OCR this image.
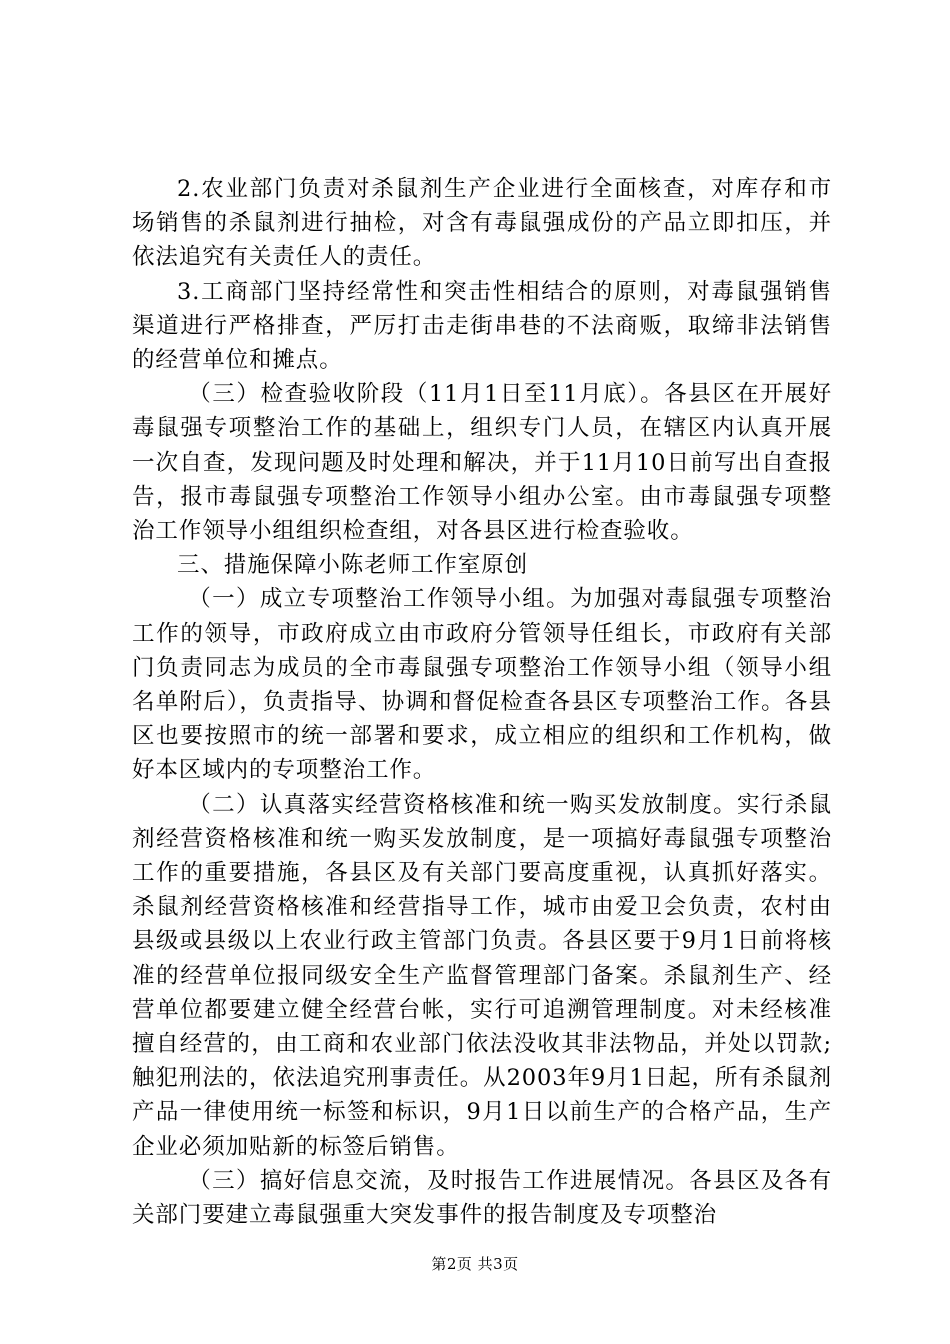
2.农业部门负责对杀鼠剂生产企业进行全面核查，对库存和市场销售的杀鼠剂进行抽检，对含有毒鼠强成份的产品立即扣压，并依法追究有关责任人的责任。

3.工商部门坚持经常性和突击性相结合的原则，对毒鼠强销售渠道进行严格排查，严厉打击走街串巷的不法商贩，取缔非法销售的经营单位和摊点。

（三）检查验收阶段（11月1日至11月底）。各县区在开展好毒鼠强专项整治工作的基础上，组织专门人员，在辖区内认真开展一次自查，发现问题及时处理和解决，并于11月10日前写出自查报告，报市毒鼠强专项整治工作领导小组办公室。由市毒鼠强专项整治工作领导小组组织检查组，对各县区进行检查验收。

三、措施保障小陈老师工作室原创

（一）成立专项整治工作领导小组。为加强对毒鼠强专项整治工作的领导，市政府成立由市政府分管领导任组长，市政府有关部门负责同志为成员的全市毒鼠强专项整治工作领导小组（领导小组名单附后），负责指导、协调和督促检查各县区专项整治工作。各县区也要按照市的统一部署和要求，成立相应的组织和工作机构，做好本区域内的专项整治工作。

（二）认真落实经营资格核准和统一购买发放制度。实行杀鼠剂经营资格核准和统一购买发放制度，是一项搞好毒鼠强专项整治工作的重要措施，各县区及有关部门要高度重视，认真抓好落实。杀鼠剂经营资格核准和经营指导工作，城市由爱卫会负责，农村由县级或县级以上农业行政主管部门负责。各县区要于9月1日前将核准的经营单位报同级安全生产监督管理部门备案。杀鼠剂生产、经营单位都要建立健全经营台帐，实行可追溯管理制度。对未经核准擅自经营的，由工商和农业部门依法没收其非法物品，并处以罚款;触犯刑法的，依法追究刑事责任。从2003年9月1日起，所有杀鼠剂产品一律使用统一标签和标识，9月1日以前生产的合格产品，生产企业必须加贴新的标签后销售。

（三）搞好信息交流，及时报告工作进展情况。各县区及各有关部门要建立毒鼠强重大突发事件的报告制度及专项整治

第2页 共3页
